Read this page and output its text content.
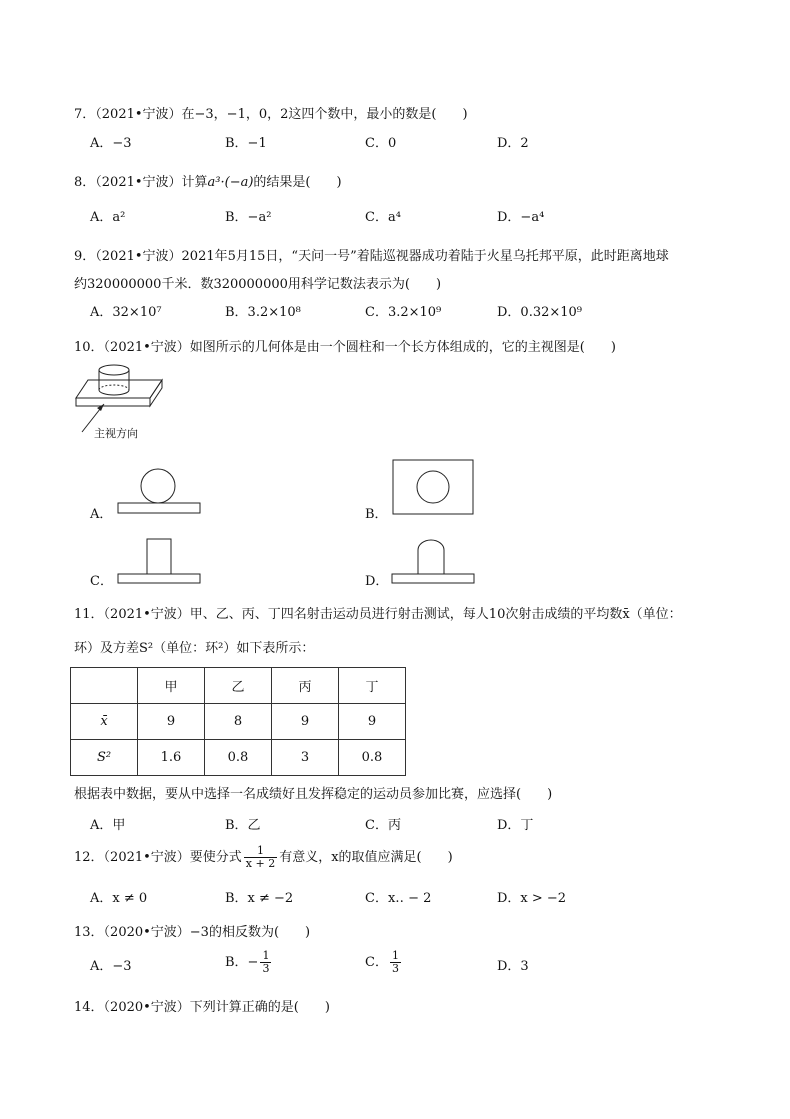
7．（2021•宁波）在−3，−1，0，2这四个数中，最小的数是(　　)
A．−3	B．−1	C．0	D．2
8．（2021•宁波）计算a³·(−a)的结果是(　　)
A．a²	B．−a²	C．a⁴	D．−a⁴
9．（2021•宁波）2021年5月15日，“天问一号”着陆巡视器成功着陆于火星乌托邦平原，此时距离地球
约320000000千米．数320000000用科学记数法表示为(　　)
A．32×10⁷	B．3.2×10⁸	C．3.2×10⁹	D．0.32×10⁹
10．（2021•宁波）如图所示的几何体是由一个圆柱和一个长方体组成的，它的主视图是(　　)
主视方向
A．	B．
C．	D．
11．（2021•宁波）甲、乙、丙、丁四名射击运动员进行射击测试，每人10次射击成绩的平均数x̄（单位：
环）及方差S²（单位：环²）如下表所示：
	甲	乙	丙	丁
x̄	9	8	9	9
S²	1.6	0.8	3	0.8
根据表中数据，要从中选择一名成绩好且发挥稳定的运动员参加比赛，应选择(　　)
A．甲	B．乙	C．丙	D．丁
12．（2021•宁波）要使分式 $\frac{1}{x + 2}$ 有意义，x的取值应满足(　　)
A．x ≠ 0	B．x ≠ −2	C．x‥ − 2	D．x > −2
13．（2020•宁波）−3的相反数为(　　)
A．−3	B．− $\frac{1}{3}$	C． $\frac{1}{3}$	D．3
14．（2020•宁波）下列计算正确的是(　　)
